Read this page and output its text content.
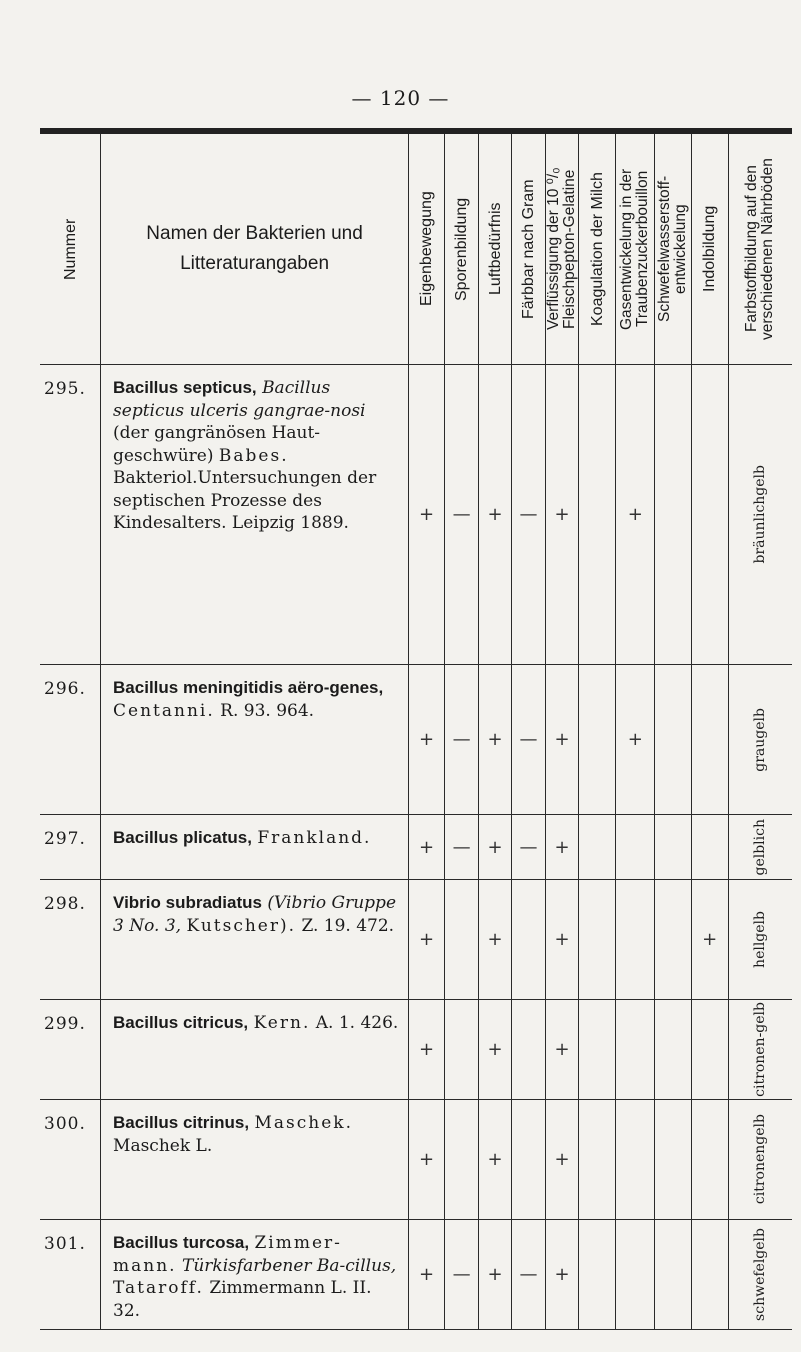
— 120 —
Nummer	Namen der Bakterien und Litteraturangaben	Eigenbewegung	Sporenbildung	Luftbedürfnis	Färbbar nach Gram	Verflüssigung der 10 ⁰/₀ Fleischpepton-Gelatine	Koagulation der Milch	Gasentwickelung in der Traubenzuckerbouillon	Schwefelwasserstoff-entwickelung	Indolbildung	Farbstoffbildung auf den verschiedenen Nährböden

295.	Bacillus septicus, Bacillus septicus ulceris gangrae-nosi (der gangränösen Haut-geschwüre) Babes. Bakteriol.Untersuchungen der septischen Prozesse des Kindesalters. Leipzig 1889.	+	—	+	—	+		+			bräunlichgelb

296.	Bacillus meningitidis aëro-genes, Centanni. R. 93. 964.	+	—	+	—	+		+			graugelb

297.	Bacillus plicatus, Frankland.	+	—	+	—	+					gelblich

298.	Vibrio subradiatus (Vibrio Gruppe 3 No. 3, Kutscher). Z. 19. 472.	+		+		+				+	hellgelb

299.	Bacillus citricus, Kern. A. 1. 426.	+		+		+					citronen-gelb

300.	Bacillus citrinus, Maschek. Maschek L.	+		+		+					citronengelb

301.	Bacillus turcosa, Zimmer-mann. Türkisfarbener Ba-cillus, Tataroff. Zimmermann L. II. 32.	+	—	+	—	+					schwefelgelb
